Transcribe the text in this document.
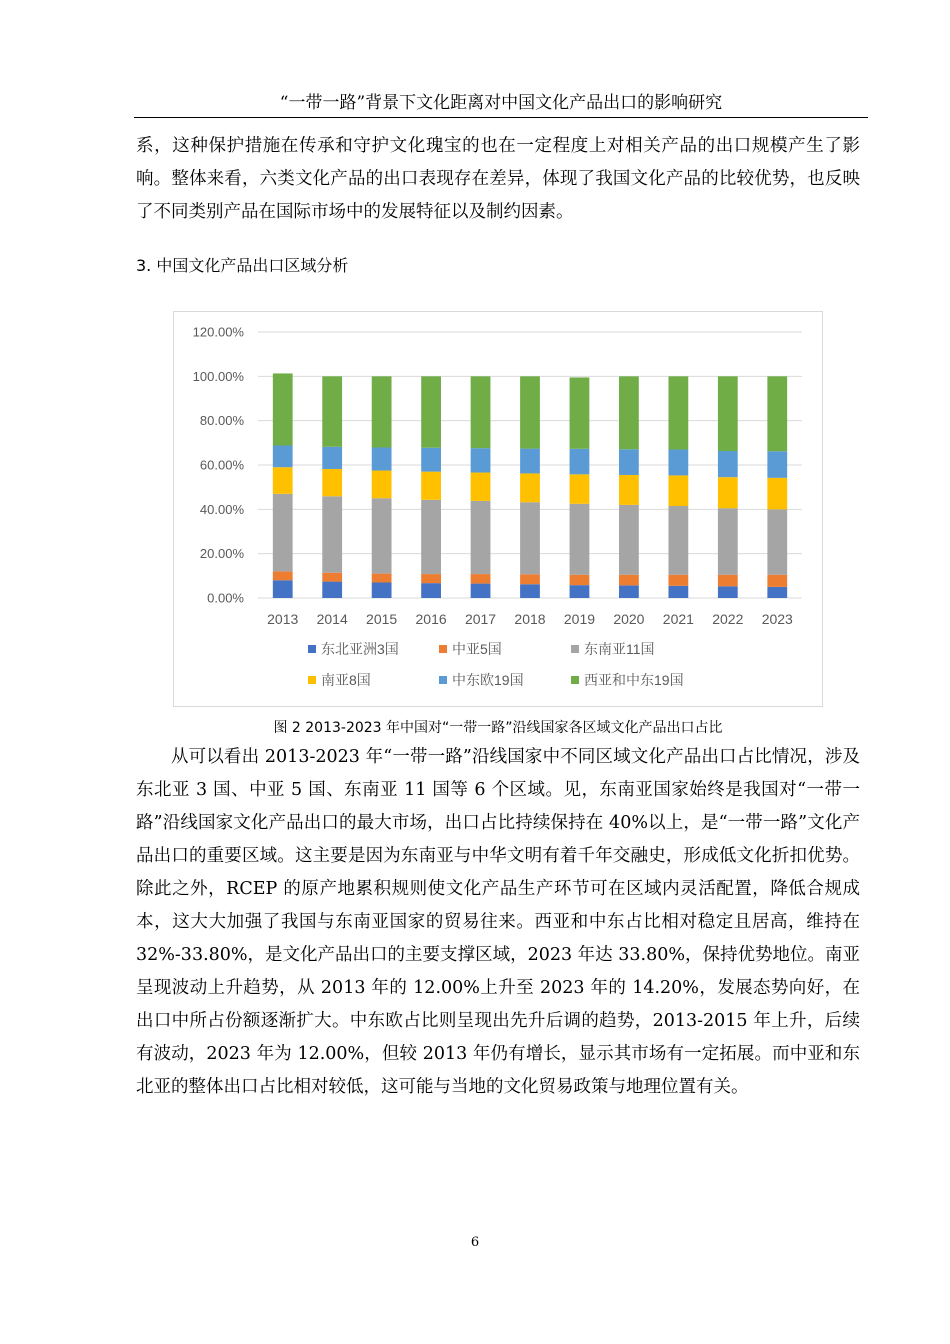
“一带一路”背景下文化距离对中国文化产品出口的影响研究

系，这种保护措施在传承和守护文化瑰宝的也在一定程度上对相关产品的出口规模产生了影响。整体来看，六类文化产品的出口表现存在差异，体现了我国文化产品的比较优势，也反映了不同类别产品在国际市场中的发展特征以及制约因素。

3. 中国文化产品出口区域分析
0.00%
20.00%
40.00%
60.00%
80.00%
100.00%
120.00%
2013 2014 2015 2016 2017 2018 2019 2020 2021 2022 2023
东北亚洲3国	中亚5国	东南亚11国
南亚8国	中东欧19国	西亚和中东19国
图 2 2013-2023 年中国对“一带一路”沿线国家各区域文化产品出口占比

从可以看出 2013-2023 年“一带一路”沿线国家中不同区域文化产品出口占比情况，涉及东北亚 3 国、中亚 5 国、东南亚 11 国等 6 个区域。见，东南亚国家始终是我国对“一带一路”沿线国家文化产品出口的最大市场，出口占比持续保持在 40%以上，是“一带一路”文化产品出口的重要区域。这主要是因为东南亚与中华文明有着千年交融史，形成低文化折扣优势。除此之外，RCEP 的原产地累积规则使文化产品生产环节可在区域内灵活配置，降低合规成本，这大大加强了我国与东南亚国家的贸易往来。西亚和中东占比相对稳定且居高，维持在 32%-33.80%，是文化产品出口的主要支撑区域，2023 年达 33.80%，保持优势地位。南亚呈现波动上升趋势，从 2013 年的 12.00%上升至 2023 年的 14.20%，发展态势向好，在出口中所占份额逐渐扩大。中东欧占比则呈现出先升后调的趋势，2013-2015 年上升，后续有波动，2023 年为 12.00%，但较 2013 年仍有增长，显示其市场有一定拓展。而中亚和东北亚的整体出口占比相对较低，这可能与当地的文化贸易政策与地理位置有关。

6
